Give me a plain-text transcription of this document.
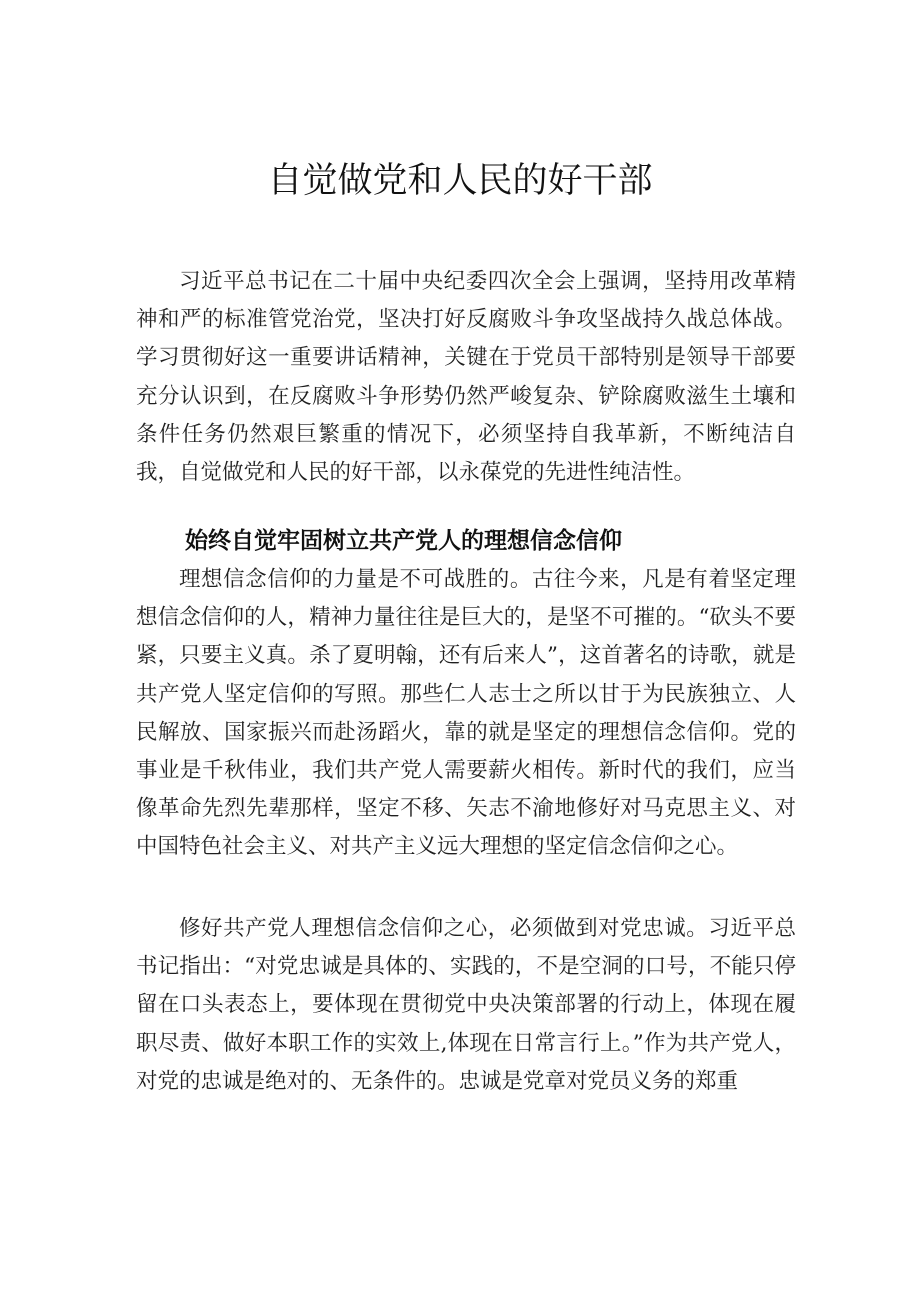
自觉做党和人民的好干部

习近平总书记在二十届中央纪委四次全会上强调，坚持用改革精神和严的标准管党治党，坚决打好反腐败斗争攻坚战持久战总体战。学习贯彻好这一重要讲话精神，关键在于党员干部特别是领导干部要充分认识到，在反腐败斗争形势仍然严峻复杂、铲除腐败滋生土壤和条件任务仍然艰巨繁重的情况下，必须坚持自我革新，不断纯洁自我，自觉做党和人民的好干部，以永葆党的先进性纯洁性。

始终自觉牢固树立共产党人的理想信念信仰

理想信念信仰的力量是不可战胜的。古往今来，凡是有着坚定理想信念信仰的人，精神力量往往是巨大的，是坚不可摧的。“砍头不要紧，只要主义真。杀了夏明翰，还有后来人”，这首著名的诗歌，就是共产党人坚定信仰的写照。那些仁人志士之所以甘于为民族独立、人民解放、国家振兴而赴汤蹈火，靠的就是坚定的理想信念信仰。党的事业是千秋伟业，我们共产党人需要薪火相传。新时代的我们，应当像革命先烈先辈那样，坚定不移、矢志不渝地修好对马克思主义、对中国特色社会主义、对共产主义远大理想的坚定信念信仰之心。

修好共产党人理想信念信仰之心，必须做到对党忠诚。习近平总书记指出：“对党忠诚是具体的、实践的，不是空洞的口号，不能只停留在口头表态上，要体现在贯彻党中央决策部署的行动上，体现在履职尽责、做好本职工作的实效上,体现在日常言行上。”作为共产党人，对党的忠诚是绝对的、无条件的。忠诚是党章对党员义务的郑重
